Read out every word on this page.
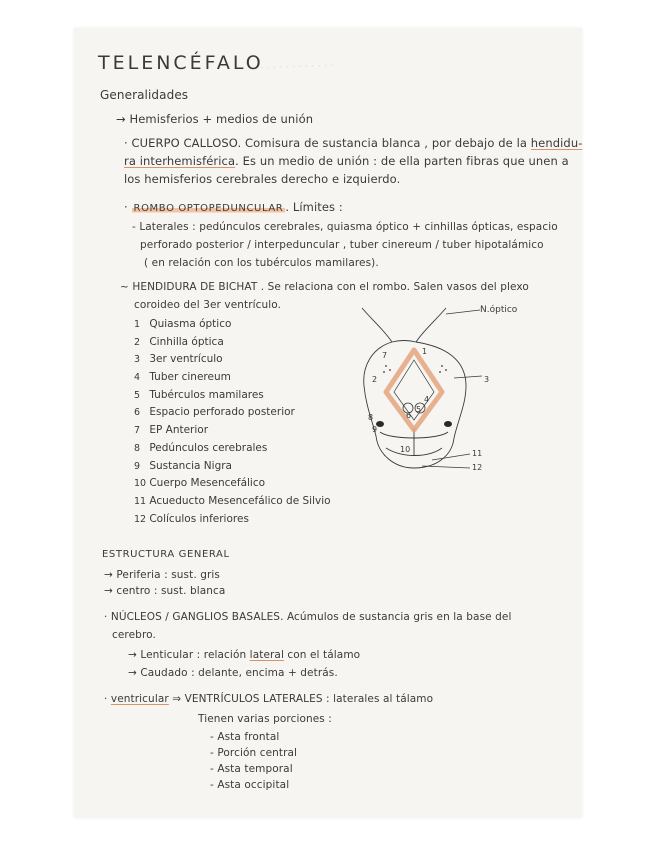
· · · · · · · · · · · · ·
TELENCÉFALO
Generalidades
→ Hemisferios + medios de unión
· CUERPO CALLOSO. Comisura de sustancia blanca , por debajo de la hendidu-
ra interhemisférica. Es un medio de unión : de ella parten fibras que unen a
los hemisferios cerebrales derecho e izquierdo.
· ROMBO OPTOPEDUNCULAR . Límites :
- Laterales : pedúnculos cerebrales, quiasma óptico + cinhillas ópticas, espacio
perforado posterior / interpeduncular , tuber cinereum / tuber hipotalámico
( en relación con los tubérculos mamilares).
~ HENDIDURA DE BICHAT . Se relaciona con el rombo. Salen vasos del plexo
coroideo del 3er ventrículo.
1 Quiasma óptico
2 Cinhilla óptica
3 3er ventrículo
4 Tuber cinereum
5 Tubérculos mamilares
6 Espacio perforado posterior
7 EP Anterior
8 Pedúnculos cerebrales
9 Sustancia Nigra
10 Cuerpo Mesencefálico
11 Acueducto Mesencefálico de Silvio
12 Colículos inferiores
N.óptico
1
2	3
4
5
6
7
8
9
10	11
12
ESTRUCTURA GENERAL
→ Periferia : sust. gris
→ centro : sust. blanca
· NÚCLEOS / GANGLIOS BASALES. Acúmulos de sustancia gris en la base del
cerebro.
→ Lenticular : relación lateral con el tálamo
→ Caudado : delante, encima + detrás.
· ventricular ⇒ VENTRÍCULOS LATERALES : laterales al tálamo
Tienen varias porciones :
- Asta frontal
- Porción central
- Asta temporal
- Asta occipital
